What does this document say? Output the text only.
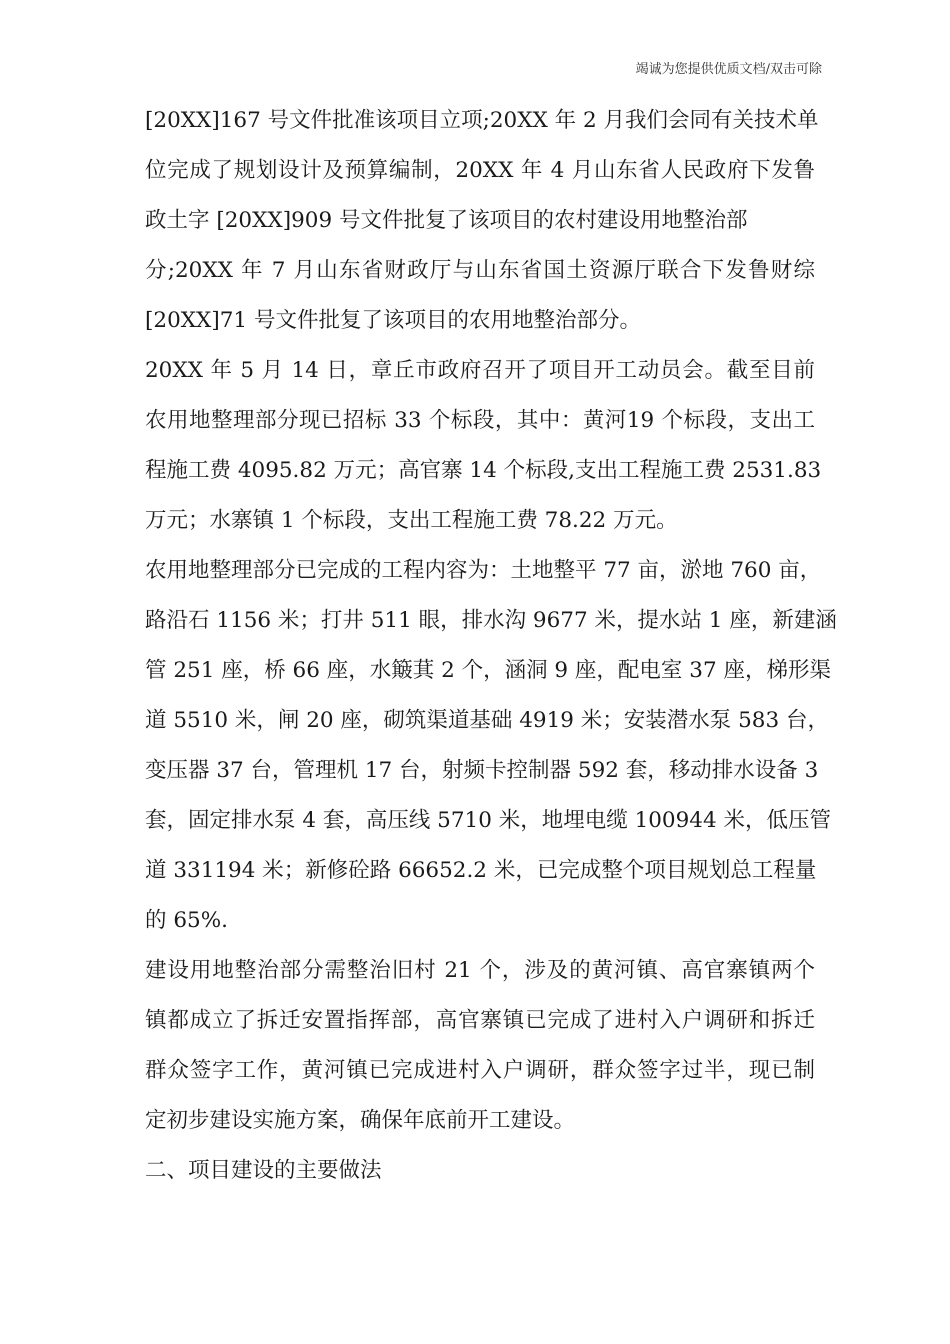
竭诚为您提供优质文档/双击可除
[20XX]167 号文件批准该项目立项;20XX 年 2 月我们会同有关技术单
位完成了规划设计及预算编制，20XX 年 4 月山东省人民政府下发鲁
政土字 [20XX]909 号文件批复了该项目的农村建设用地整治部
分;20XX 年 7 月山东省财政厅与山东省国土资源厅联合下发鲁财综
[20XX]71 号文件批复了该项目的农用地整治部分。
20XX 年 5 月 14 日，章丘市政府召开了项目开工动员会。截至目前
农用地整理部分现已招标 33 个标段，其中：黄河19 个标段，支出工
程施工费 4095.82 万元；高官寨 14 个标段,支出工程施工费 2531.83
万元；水寨镇 1 个标段，支出工程施工费 78.22 万元。
农用地整理部分已完成的工程内容为：土地整平 77 亩，淤地 760 亩，
路沿石 1156 米；打井 511 眼，排水沟 9677 米，提水站 1 座，新建涵
管 251 座，桥 66 座，水簸萁 2 个，涵洞 9 座，配电室 37 座，梯形渠
道 5510 米，闸 20 座，砌筑渠道基础 4919 米；安装潜水泵 583 台，
变压器 37 台，管理机 17 台，射频卡控制器 592 套，移动排水设备 3
套，固定排水泵 4 套，高压线 5710 米，地埋电缆 100944 米，低压管
道 331194 米；新修砼路 66652.2 米，已完成整个项目规划总工程量
的 65%.
建设用地整治部分需整治旧村 21 个，涉及的黄河镇、高官寨镇两个
镇都成立了拆迁安置指挥部，高官寨镇已完成了进村入户调研和拆迁
群众签字工作，黄河镇已完成进村入户调研，群众签字过半，现已制
定初步建设实施方案，确保年底前开工建设。
二、项目建设的主要做法
